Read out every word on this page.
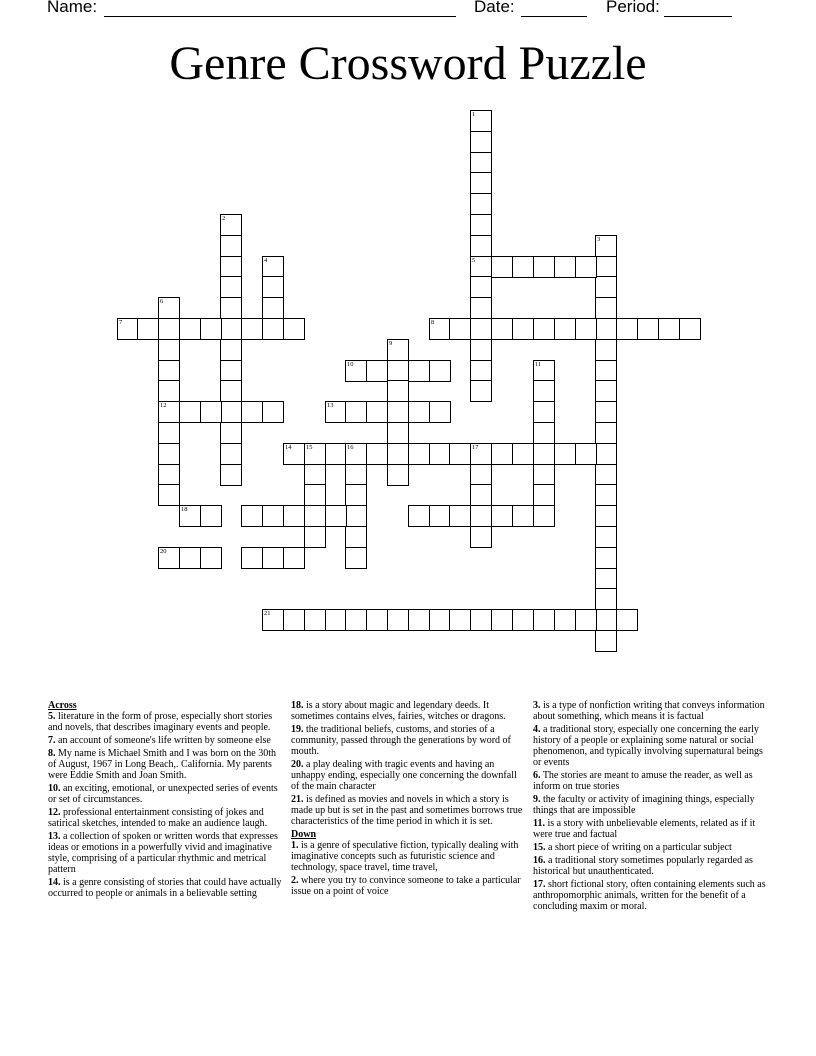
Name:	Date:	Period:
Genre Crossword Puzzle
1
5
2
3
4
6
12
7	8
9
10	11
13
14 15	16	17
18
20
21
Across
5. literature in the form of prose, especially short stories and novels, that describes imaginary events and people.
7. an account of someone's life written by someone else
8. My name is Michael Smith and I was born on the 30th of August, 1967 in Long Beach,. California. My parents were Eddie Smith and Joan Smith.
10. an exciting, emotional, or unexpected series of events or set of circumstances.
12. professional entertainment consisting of jokes and satirical sketches, intended to make an audience laugh.
13. a collection of spoken or written words that expresses ideas or emotions in a powerfully vivid and imaginative style, comprising of a particular rhythmic and metrical pattern
14. is a genre consisting of stories that could have actually occurred to people or animals in a believable setting
18. is a story about magic and legendary deeds. It sometimes contains elves, fairies, witches or dragons.
19. the traditional beliefs, customs, and stories of a community, passed through the generations by word of mouth.
20. a play dealing with tragic events and having an unhappy ending, especially one concerning the downfall of the main character
21. is defined as movies and novels in which a story is made up but is set in the past and sometimes borrows true characteristics of the time period in which it is set.
Down
1. is a genre of speculative fiction, typically dealing with imaginative concepts such as futuristic science and technology, space travel, time travel,
2. where you try to convince someone to take a particular issue on a point of voice
3. is a type of nonfiction writing that conveys information about something, which means it is factual
4. a traditional story, especially one concerning the early history of a people or explaining some natural or social phenomenon, and typically involving supernatural beings or events
6. The stories are meant to amuse the reader, as well as inform on true stories
9. the faculty or activity of imagining things, especially things that are impossible
11. is a story with unbelievable elements, related as if it were true and factual
15. a short piece of writing on a particular subject
16. a traditional story sometimes popularly regarded as historical but unauthenticated.
17. short fictional story, often containing elements such as anthropomorphic animals, written for the benefit of a concluding maxim or moral.
